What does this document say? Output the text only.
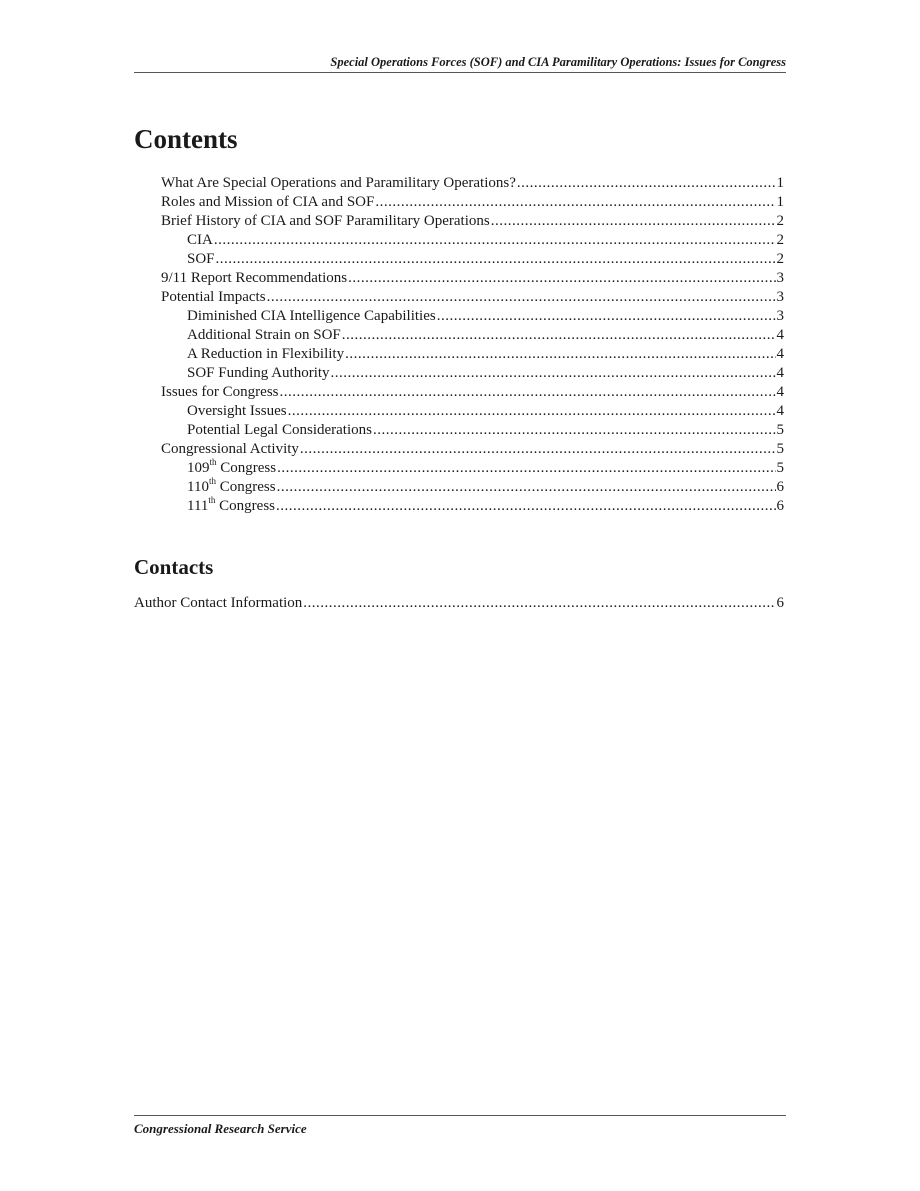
Special Operations Forces (SOF) and CIA Paramilitary Operations: Issues for Congress
Contents
What Are Special Operations and Paramilitary Operations? .....	1
Roles and Mission of CIA and SOF .....	1
Brief History of CIA and SOF Paramilitary Operations .....	2
CIA .....	2
SOF .....	2
9/11 Report Recommendations .....	3
Potential Impacts .....	3
Diminished CIA Intelligence Capabilities .....	3
Additional Strain on SOF .....	4
A Reduction in Flexibility .....	4
SOF Funding Authority .....	4
Issues for Congress .....	4
Oversight Issues .....	4
Potential Legal Considerations .....	5
Congressional Activity .....	5
109th Congress .....	5
110th Congress .....	6
111th Congress .....	6
Contacts
Author Contact Information .....	6
Congressional Research Service
